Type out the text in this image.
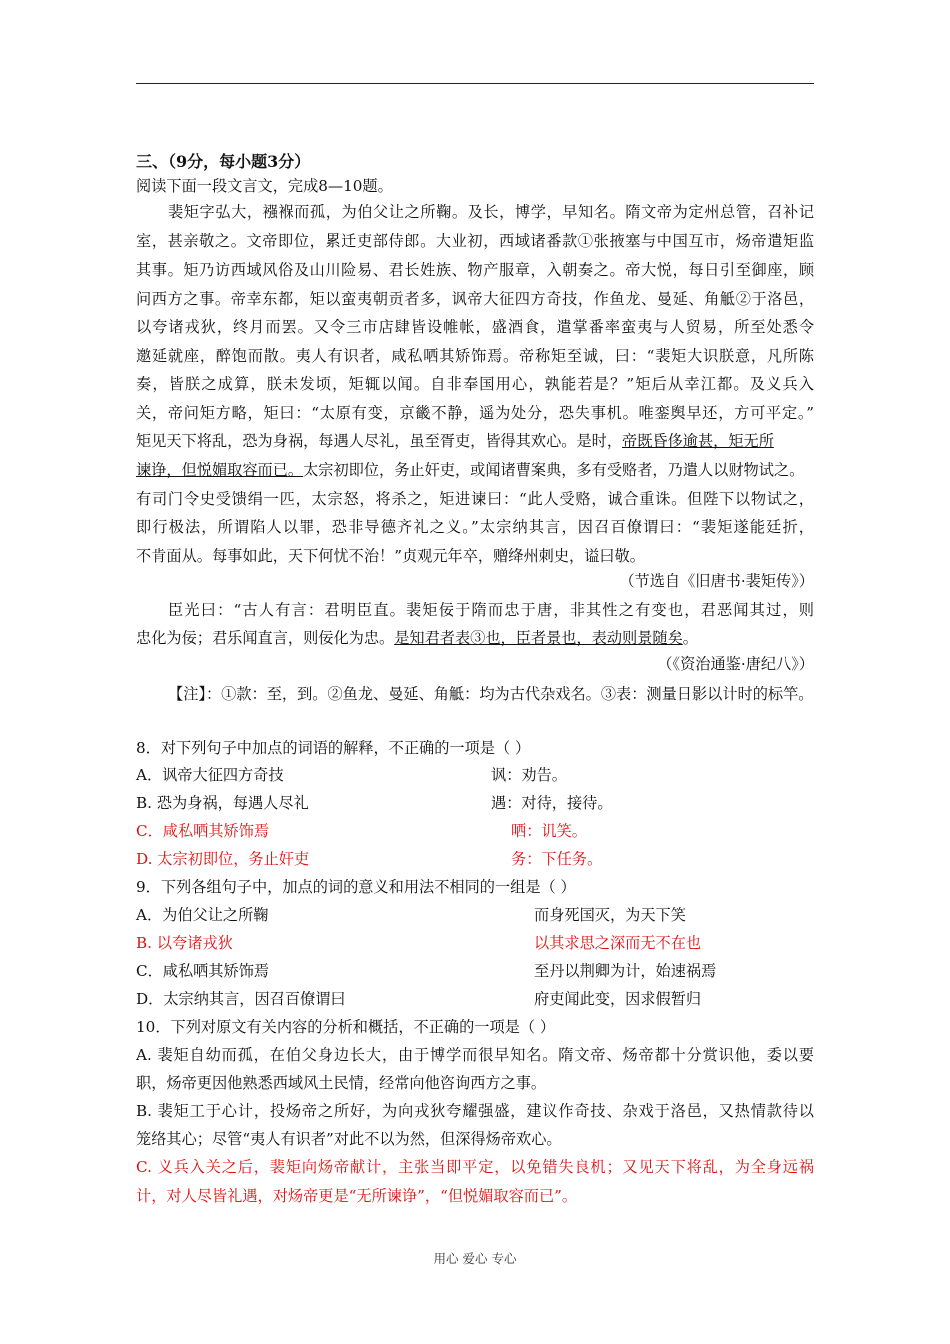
三、（9分，每小题3分）
阅读下面一段文言文，完成8—10题。
裴矩字弘大，襁褓而孤，为伯父让之所鞠。及长，博学，早知名。隋文帝为定州总管，召补记
室，甚亲敬之。文帝即位，累迁吏部侍郎。大业初，西域诸番款①张掖塞与中国互市，炀帝遣矩监
其事。矩乃访西域风俗及山川险易、君长姓族、物产服章，入朝奏之。帝大悦，每日引至御座，顾
问西方之事。帝幸东都，矩以蛮夷朝贡者多，讽帝大征四方奇技，作鱼龙、曼延、角觝②于洛邑，
以夸诸戎狄，终月而罢。又令三市店肆皆设帷帐，盛酒食，遣掌番率蛮夷与人贸易，所至处悉令
邀延就座，醉饱而散。夷人有识者，咸私哂其矫饰焉。帝称矩至诚，曰：“裴矩大识朕意，凡所陈
奏，皆朕之成算，朕未发顷，矩辄以闻。自非奉国用心，孰能若是？”矩后从幸江都。及义兵入
关，帝问矩方略，矩曰：“太原有变，京畿不静，遥为处分，恐失事机。唯銮舆早还，方可平定。”
矩见天下将乱，恐为身祸，每遇人尽礼，虽至胥吏，皆得其欢心。是时，帝既昏侈逾甚，矩无所
谏诤，但悦媚取容而已。太宗初即位，务止奸吏，或闻诸曹案典，多有受赂者，乃遣人以财物试之。
有司门令史受馈绢一匹，太宗怒，将杀之，矩进谏曰：“此人受赂，诚合重诛。但陛下以物试之，
即行极法，所谓陷人以罪，恐非导德齐礼之义。”太宗纳其言，因召百僚谓曰：“裴矩遂能廷折，
不肯面从。每事如此，天下何忧不治！”贞观元年卒，赠绛州刺史，谥曰敬。
（节选自《旧唐书·裴矩传》）
臣光曰：“古人有言：君明臣直。裴矩佞于隋而忠于唐，非其性之有变也，君恶闻其过，则
忠化为佞；君乐闻直言，则佞化为忠。是知君者表③也，臣者景也，表动则景随矣。
（《资治通鉴·唐纪八》）
【注】：①款：至，到。②鱼龙、曼延、角觝：均为古代杂戏名。③表：测量日影以计时的标竿。
8．对下列句子中加点的词语的解释，不正确的一项是（ ）
A．讽帝大征四方奇技	讽：劝告。
B. 恐为身祸，每遇人尽礼	遇：对待，接待。
C．咸私哂其矫饰焉	哂：讥笑。
D. 太宗初即位，务止奸吏	务：下任务。
9．下列各组句子中，加点的词的意义和用法不相同的一组是（ ）
A．为伯父让之所鞠	而身死国灭，为天下笑
B. 以夸诸戎狄	以其求思之深而无不在也
C．咸私哂其矫饰焉	至丹以荆卿为计，始速祸焉
D．太宗纳其言，因召百僚谓曰	府吏闻此变，因求假暂归
10．下列对原文有关内容的分析和概括，不正确的一项是（ ）
A. 裴矩自幼而孤，在伯父身边长大，由于博学而很早知名。隋文帝、炀帝都十分赏识他，委以要
职，炀帝更因他熟悉西域风土民情，经常向他咨询西方之事。
B. 裴矩工于心计，投炀帝之所好，为向戎狄夸耀强盛，建议作奇技、杂戏于洛邑，又热情款待以
笼络其心；尽管“夷人有识者”对此不以为然，但深得炀帝欢心。
C. 义兵入关之后，裴矩向炀帝献计，主张当即平定，以免错失良机；又见天下将乱，为全身远祸
计，对人尽皆礼遇，对炀帝更是“无所谏诤”，“但悦媚取容而已”。
用心 爱心 专心
